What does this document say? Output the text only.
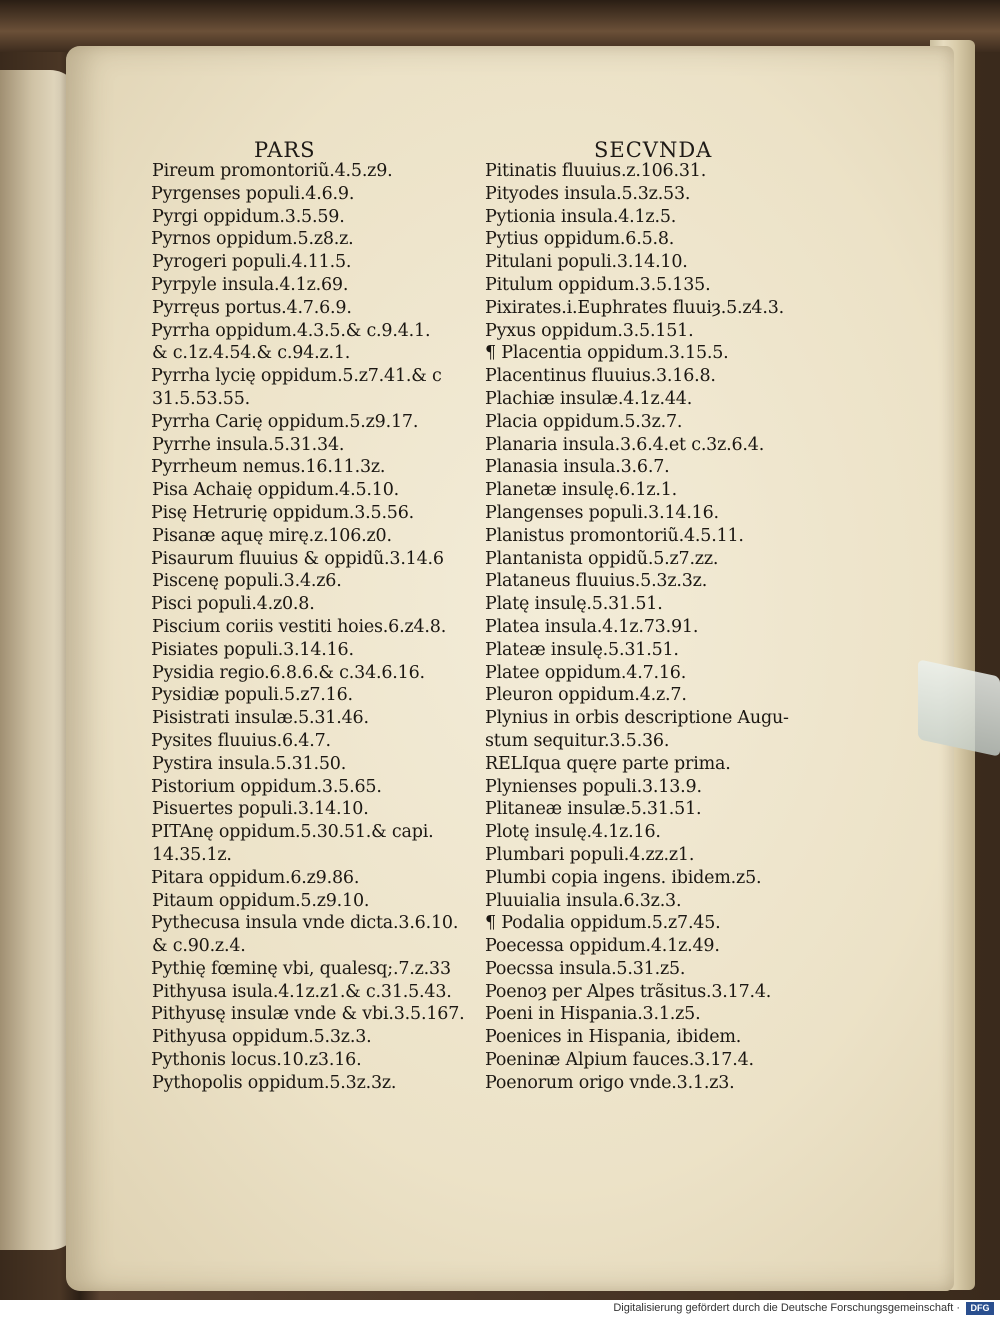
PARS	SECVNDA
Pireum promontoriũ.4.5.z9.
Pyrgenses populi.4.6.9.
Pyrgi oppidum.3.5.59.
Pyrnos oppidum.5.z8.z.
Pyrogeri populi.4.11.5.
Pyrpyle insula.4.1z.69.
Pyrręus portus.4.7.6.9.
Pyrrha oppidum.4.3.5.& c.9.4.1.
& c.1z.4.54.& c.94.z.1.
Pyrrha lycię oppidum.5.z7.41.& c
31.5.53.55.
Pyrrha Carię oppidum.5.z9.17.
Pyrrhe insula.5.31.34.
Pyrrheum nemus.16.11.3z.
Pisa Achaię oppidum.4.5.10.
Pisę Hetrurię oppidum.3.5.56.
Pisanæ aquę mirę.z.106.z0.
Pisaurum fluuius & oppidũ.3.14.6
Piscenę populi.3.4.z6.
Pisci populi.4.z0.8.
Piscium coriis vestiti hoies.6.z4.8.
Pisiates populi.3.14.16.
Pysidia regio.6.8.6.& c.34.6.16.
Pysidiæ populi.5.z7.16.
Pisistrati insulæ.5.31.46.
Pysites fluuius.6.4.7.
Pystira insula.5.31.50.
Pistorium oppidum.3.5.65.
Pisuertes populi.3.14.10.
PITAnę oppidum.5.30.51.& capi.
14.35.1z.
Pitara oppidum.6.z9.86.
Pitaum oppidum.5.z9.10.
Pythecusa insula vnde dicta.3.6.10.
& c.90.z.4.
Pythię fœminę vbi, qualesq;.7.z.33
Pithyusa isula.4.1z.z1.& c.31.5.43.
Pithyusę insulæ vnde & vbi.3.5.167.
Pithyusa oppidum.5.3z.3.
Pythonis locus.10.z3.16.
Pythopolis oppidum.5.3z.3z.
Pitinatis fluuius.z.106.31.
Pityodes insula.5.3z.53.
Pytionia insula.4.1z.5.
Pytius oppidum.6.5.8.
Pitulani populi.3.14.10.
Pitulum oppidum.3.5.135.
Pixirates.i.Euphrates fluuiȝ.5.z4.3.
Pyxus oppidum.3.5.151.
¶ Placentia oppidum.3.15.5.
Placentinus fluuius.3.16.8.
Plachiæ insulæ.4.1z.44.
Placia oppidum.5.3z.7.
Planaria insula.3.6.4.et c.3z.6.4.
Planasia insula.3.6.7.
Planetæ insulę.6.1z.1.
Plangenses populi.3.14.16.
Planistus promontoriũ.4.5.11.
Plantanista oppidũ.5.z7.zz.
Plataneus fluuius.5.3z.3z.
Platę insulę.5.31.51.
Platea insula.4.1z.73.91.
Plateæ insulę.5.31.51.
Platee oppidum.4.7.16.
Pleuron oppidum.4.z.7.
Plynius in orbis descriptione Augu-
stum sequitur.3.5.36.
RELIqua quęre parte prima.
Plynienses populi.3.13.9.
Plitaneæ insulæ.5.31.51.
Plotę insulę.4.1z.16.
Plumbari populi.4.zz.z1.
Plumbi copia ingens. ibidem.z5.
Pluuialia insula.6.3z.3.
¶ Podalia oppidum.5.z7.45.
Poecessa oppidum.4.1z.49.
Poecssa insula.5.31.z5.
Poenoȝ per Alpes trãsitus.3.17.4.
Poeni in Hispania.3.1.z5.
Poenices in Hispania, ibidem.
Poeninæ Alpium fauces.3.17.4.
Poenorum origo vnde.3.1.z3.
Digitalisierung gefördert durch die Deutsche Forschungsgemeinschaft ·	DFG
